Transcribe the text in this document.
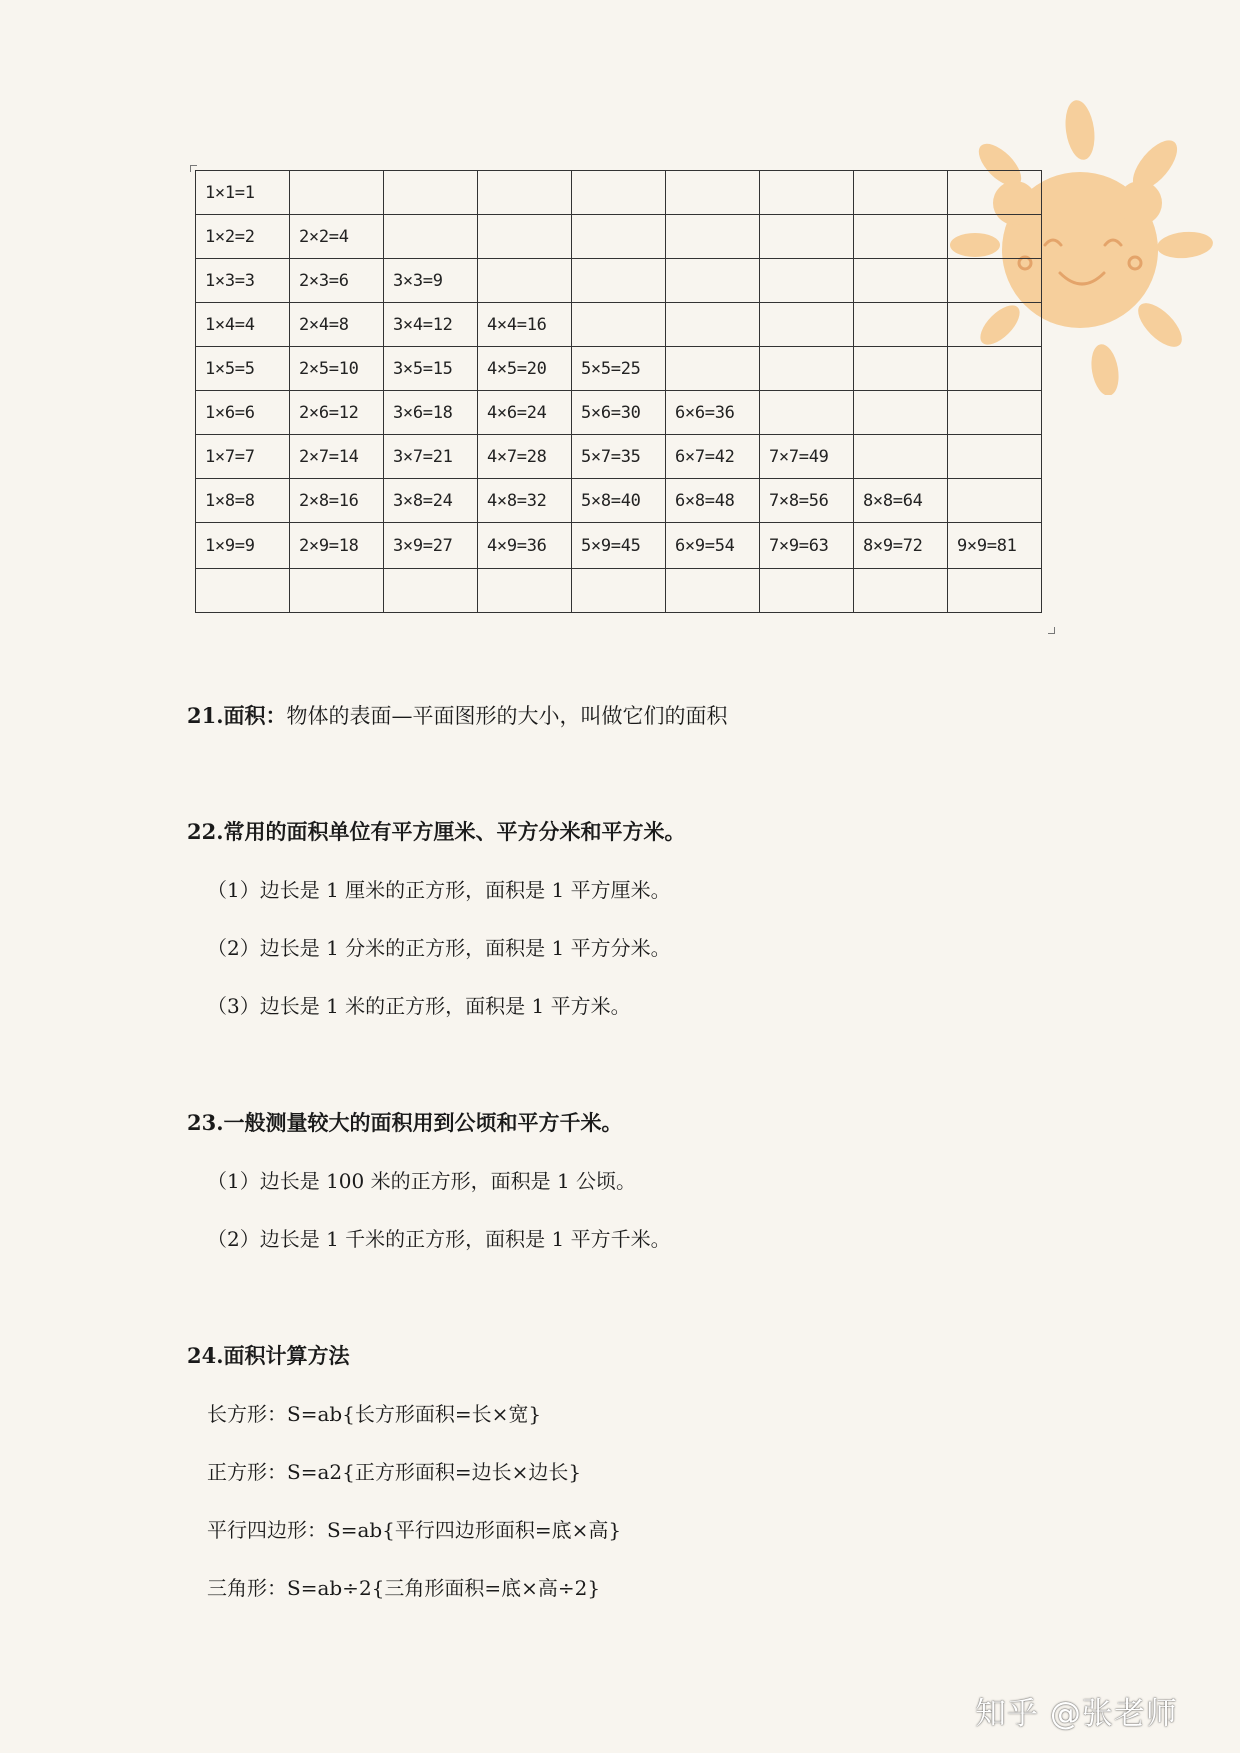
1×1=1								
1×2=2	2×2=4							
1×3=3	2×3=6	3×3=9						
1×4=4	2×4=8	3×4=12	4×4=16					
1×5=5	2×5=10	3×5=15	4×5=20	5×5=25				
1×6=6	2×6=12	3×6=18	4×6=24	5×6=30	6×6=36			
1×7=7	2×7=14	3×7=21	4×7=28	5×7=35	6×7=42	7×7=49		
1×8=8	2×8=16	3×8=24	4×8=32	5×8=40	6×8=48	7×8=56	8×8=64	
1×9=9	2×9=18	3×9=27	4×9=36	5×9=45	6×9=54	7×9=63	8×9=72	9×9=81

21.面积：物体的表面—平面图形的大小，叫做它们的面积

22.常用的面积单位有平方厘米、平方分米和平方米。

（1）边长是 1 厘米的正方形，面积是 1 平方厘米。

（2）边长是 1 分米的正方形，面积是 1 平方分米。

（3）边长是 1 米的正方形，面积是 1 平方米。

23.一般测量较大的面积用到公顷和平方千米。

（1）边长是 100 米的正方形，面积是 1 公顷。

（2）边长是 1 千米的正方形，面积是 1 平方千米。

24.面积计算方法

长方形：S=ab{长方形面积=长×宽}

正方形：S=a2{正方形面积=边长×边长}

平行四边形：S=ab{平行四边形面积=底×高}

三角形：S=ab÷2{三角形面积=底×高÷2}

知乎 @张老师
